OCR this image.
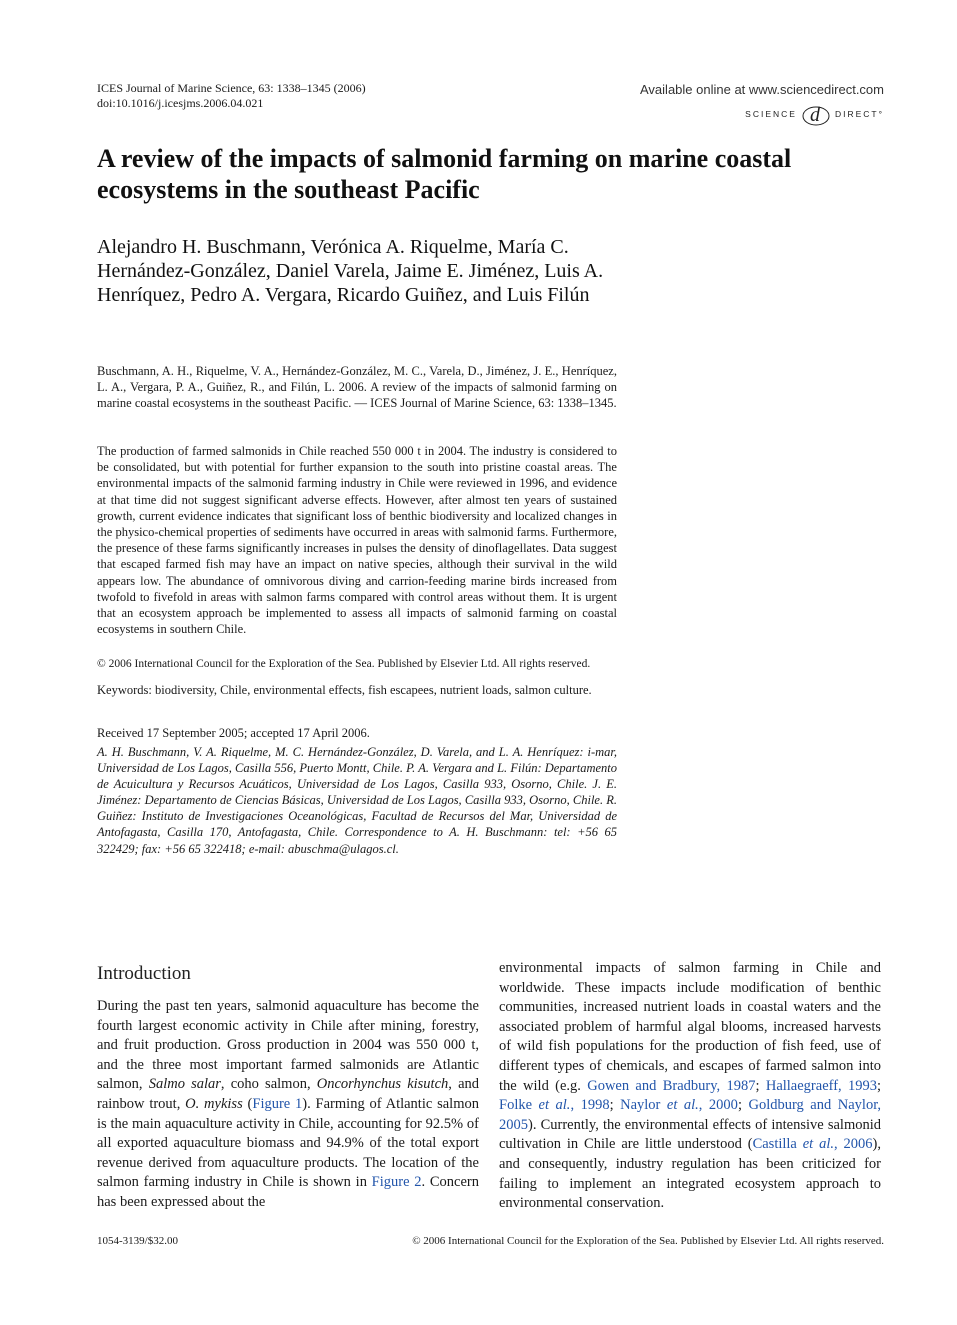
ICES Journal of Marine Science, 63: 1338–1345 (2006)
doi:10.1016/j.icesjms.2006.04.021
Available online at www.sciencedirect.com
SCIENCE d DIRECT°
A review of the impacts of salmonid farming on marine coastal ecosystems in the southeast Pacific
Alejandro H. Buschmann, Verónica A. Riquelme, María C. Hernández-González, Daniel Varela, Jaime E. Jiménez, Luis A. Henríquez, Pedro A. Vergara, Ricardo Guiñez, and Luis Filún
Buschmann, A. H., Riquelme, V. A., Hernández-González, M. C., Varela, D., Jiménez, J. E., Henríquez, L. A., Vergara, P. A., Guiñez, R., and Filún, L. 2006. A review of the impacts of salmonid farming on marine coastal ecosystems in the southeast Pacific. — ICES Journal of Marine Science, 63: 1338–1345.
The production of farmed salmonids in Chile reached 550 000 t in 2004. The industry is considered to be consolidated, but with potential for further expansion to the south into pristine coastal areas. The environmental impacts of the salmonid farming industry in Chile were reviewed in 1996, and evidence at that time did not suggest significant adverse effects. However, after almost ten years of sustained growth, current evidence indicates that significant loss of benthic biodiversity and localized changes in the physico-chemical properties of sediments have occurred in areas with salmonid farms. Furthermore, the presence of these farms significantly increases in pulses the density of dinoflagellates. Data suggest that escaped farmed fish may have an impact on native species, although their survival in the wild appears low. The abundance of omnivorous diving and carrion-feeding marine birds increased from twofold to fivefold in areas with salmon farms compared with control areas without them. It is urgent that an ecosystem approach be implemented to assess all impacts of salmonid farming on coastal ecosystems in southern Chile.
© 2006 International Council for the Exploration of the Sea. Published by Elsevier Ltd. All rights reserved.
Keywords: biodiversity, Chile, environmental effects, fish escapees, nutrient loads, salmon culture.
Received 17 September 2005; accepted 17 April 2006.
A. H. Buschmann, V. A. Riquelme, M. C. Hernández-González, D. Varela, and L. A. Henríquez: i-mar, Universidad de Los Lagos, Casilla 556, Puerto Montt, Chile. P. A. Vergara and L. Filún: Departamento de Acuicultura y Recursos Acuáticos, Universidad de Los Lagos, Casilla 933, Osorno, Chile. J. E. Jiménez: Departamento de Ciencias Básicas, Universidad de Los Lagos, Casilla 933, Osorno, Chile. R. Guiñez: Instituto de Investigaciones Oceanológicas, Facultad de Recursos del Mar, Universidad de Antofagasta, Casilla 170, Antofagasta, Chile. Correspondence to A. H. Buschmann: tel: +56 65 322429; fax: +56 65 322418; e-mail: abuschma@ulagos.cl.
Introduction
During the past ten years, salmonid aquaculture has become the fourth largest economic activity in Chile after mining, forestry, and fruit production. Gross production in 2004 was 550 000 t, and the three most important farmed salmonids are Atlantic salmon, Salmo salar, coho salmon, Oncorhynchus kisutch, and rainbow trout, O. mykiss (Figure 1). Farming of Atlantic salmon is the main aquaculture activity in Chile, accounting for 92.5% of all exported aquaculture biomass and 94.9% of the total export revenue derived from aquaculture products. The location of the salmon farming industry in Chile is shown in Figure 2. Concern has been expressed about the
environmental impacts of salmon farming in Chile and worldwide. These impacts include modification of benthic communities, increased nutrient loads in coastal waters and the associated problem of harmful algal blooms, increased harvests of wild fish populations for the production of fish feed, use of different types of chemicals, and escapes of farmed salmon into the wild (e.g. Gowen and Bradbury, 1987; Hallaegraeff, 1993; Folke et al., 1998; Naylor et al., 2000; Goldburg and Naylor, 2005). Currently, the environmental effects of intensive salmonid cultivation in Chile are little understood (Castilla et al., 2006), and consequently, industry regulation has been criticized for failing to implement an integrated ecosystem approach to environmental conservation.
1054-3139/$32.00	© 2006 International Council for the Exploration of the Sea. Published by Elsevier Ltd. All rights reserved.
